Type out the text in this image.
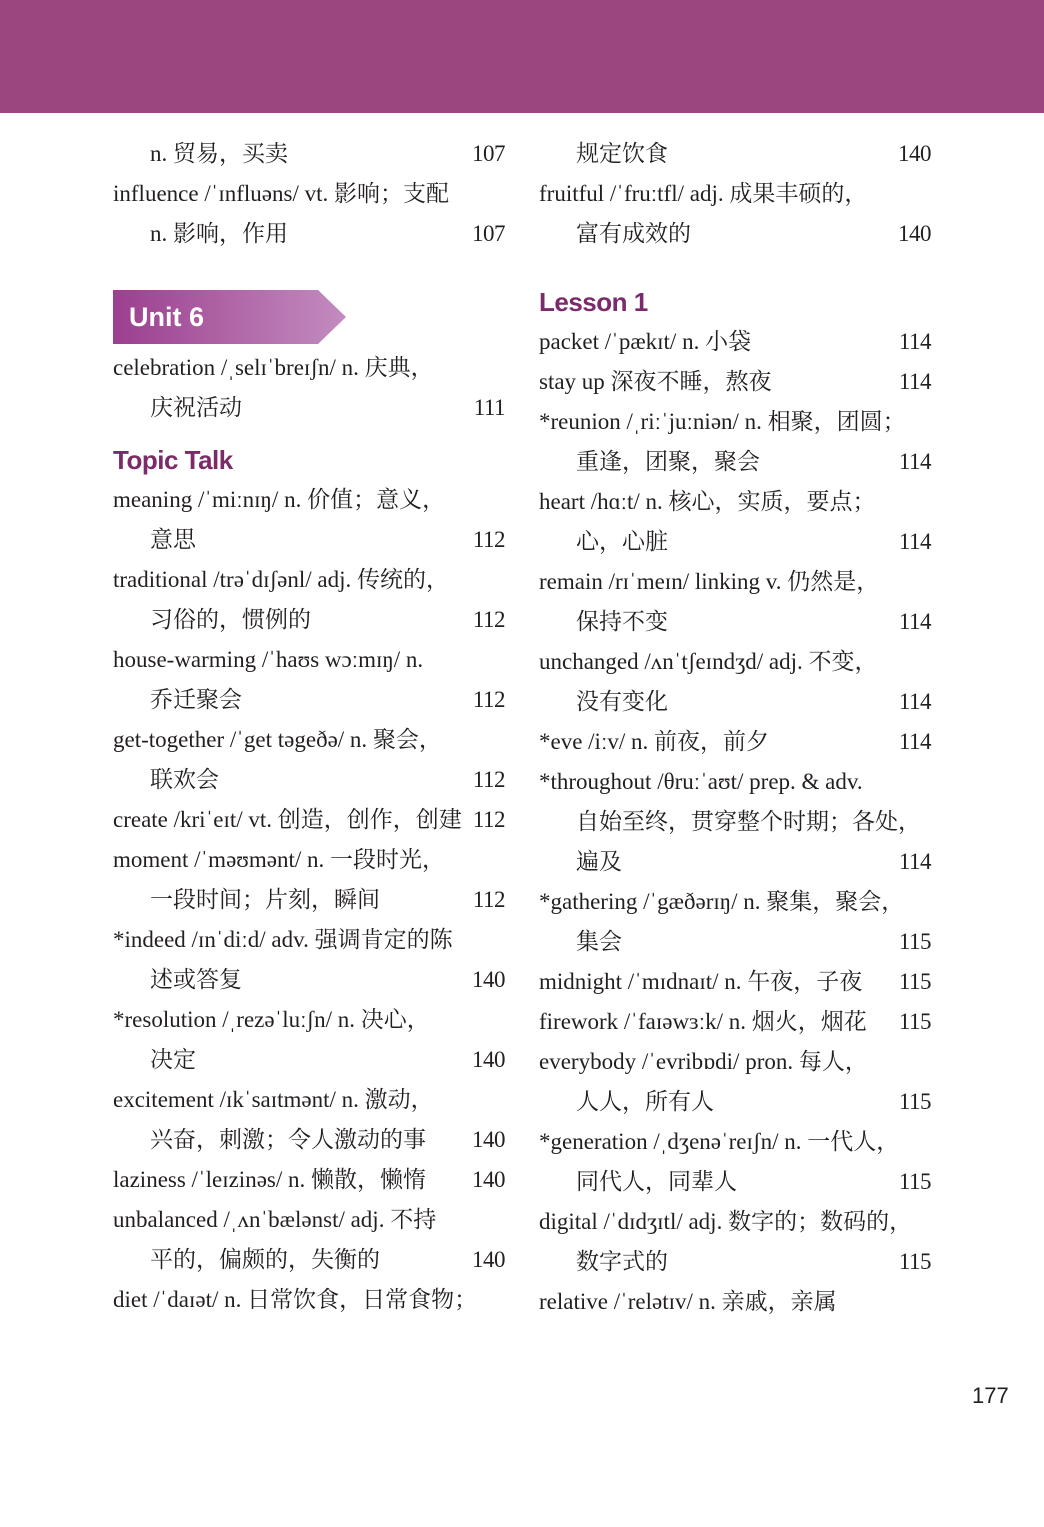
n. 贸易，买卖	107
influence /ˈɪnfluəns/ vt. 影响；支配
n. 影响，作用	107
Unit 6
celebration /ˌselɪˈbreɪʃn/ n. 庆典，
庆祝活动	111
Topic Talk
meaning /ˈmiːnɪŋ/ n. 价值；意义，
意思	112
traditional /trəˈdɪʃənl/ adj. 传统的，
习俗的，惯例的	112
house-warming /ˈhaʊs wɔːmɪŋ/ n.
乔迁聚会	112
get-together /ˈget təgeðə/ n. 聚会，
联欢会	112
create /kriˈeɪt/ vt. 创造，创作，创建 112
moment /ˈməʊmənt/ n. 一段时光，
一段时间；片刻，瞬间	112
*indeed /ɪnˈdiːd/ adv. 强调肯定的陈
述或答复	140
*resolution /ˌrezəˈluːʃn/ n. 决心，
决定	140
excitement /ɪkˈsaɪtmənt/ n. 激动，
兴奋，刺激；令人激动的事 140
laziness /ˈleɪzinəs/ n. 懒散，懒惰 140
unbalanced /ˌʌnˈbælənst/ adj. 不持
平的，偏颇的，失衡的	140
diet /ˈdaɪət/ n. 日常饮食，日常食物；
规定饮食	140
fruitful /ˈfruːtfl/ adj. 成果丰硕的，
富有成效的	140
Lesson 1
packet /ˈpækɪt/ n. 小袋	114
stay up 深夜不睡，熬夜	114
*reunion /ˌriːˈjuːniən/ n. 相聚，团圆；
重逢，团聚，聚会	114
heart /hɑːt/ n. 核心，实质，要点；
心，心脏	114
remain /rɪˈmeɪn/ linking v. 仍然是，
保持不变	114
unchanged /ʌnˈtʃeɪndʒd/ adj. 不变，
没有变化	114
*eve /iːv/ n. 前夜，前夕	114
*throughout /θruːˈaʊt/ prep. & adv.
自始至终，贯穿整个时期；各处，
遍及	114
*gathering /ˈgæðərɪŋ/ n. 聚集，聚会，
集会	115
midnight /ˈmɪdnaɪt/ n. 午夜，子夜 115
firework /ˈfaɪəwɜːk/ n. 烟火，烟花 115
everybody /ˈevribɒdi/ pron. 每人，
人人，所有人	115
*generation /ˌdʒenəˈreɪʃn/ n. 一代人，
同代人，同辈人	115
digital /ˈdɪdʒɪtl/ adj. 数字的；数码的，
数字式的	115
relative /ˈrelətɪv/ n. 亲戚，亲属
177
